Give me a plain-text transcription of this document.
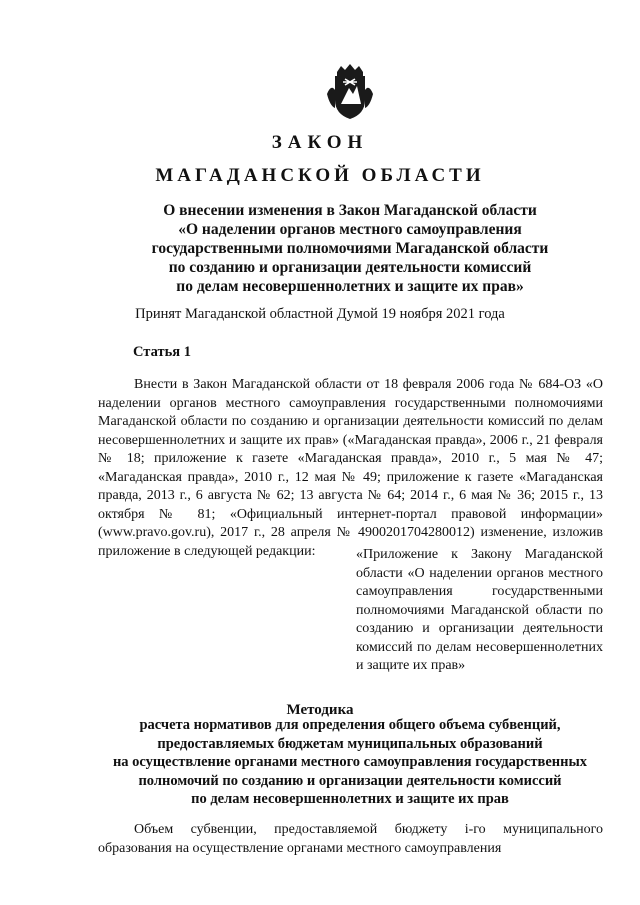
ЗАКОН
МАГАДАНСКОЙ ОБЛАСТИ
О внесении изменения в Закон Магаданской области
«О наделении органов местного самоуправления
государственными полномочиями Магаданской области
по созданию и организации деятельности комиссий
по делам несовершеннолетних и защите их прав»
Принят Магаданской областной Думой 19 ноября 2021 года
Статья 1
Внести в Закон Магаданской области от 18 февраля 2006 года № 684-ОЗ «О наделении органов местного самоуправления государственными полномочиями Магаданской области по созданию и организации деятельности комиссий по делам несовершеннолетних и защите их прав» («Магаданская правда», 2006 г., 21 февраля № 18; приложение к газете «Магаданская правда», 2010 г., 5 мая № 47; «Магаданская правда», 2010 г., 12 мая № 49; приложение к газете «Магаданская правда, 2013 г., 6 августа № 62; 13 августа № 64; 2014 г., 6 мая № 36; 2015 г., 13 октября № 81; «Официальный интернет-портал правовой информации» (www.pravo.gov.ru), 2017 г., 28 апреля № 4900201704280012) изменение, изложив приложение в следующей редакции:	«Приложение к Закону Магаданской области «О наделении органов местного самоуправления государственными полномочиями Магаданской области по созданию и организации деятельности комиссий по делам несовершеннолетних и защите их прав»
Методика
расчета нормативов для определения общего объема субвенций,
предоставляемых бюджетам муниципальных образований
на осуществление органами местного самоуправления государственных
полномочий по созданию и организации деятельности комиссий
по делам несовершеннолетних и защите их прав
Объем субвенции, предоставляемой бюджету i-го муниципального образования на осуществление органами местного самоуправления
